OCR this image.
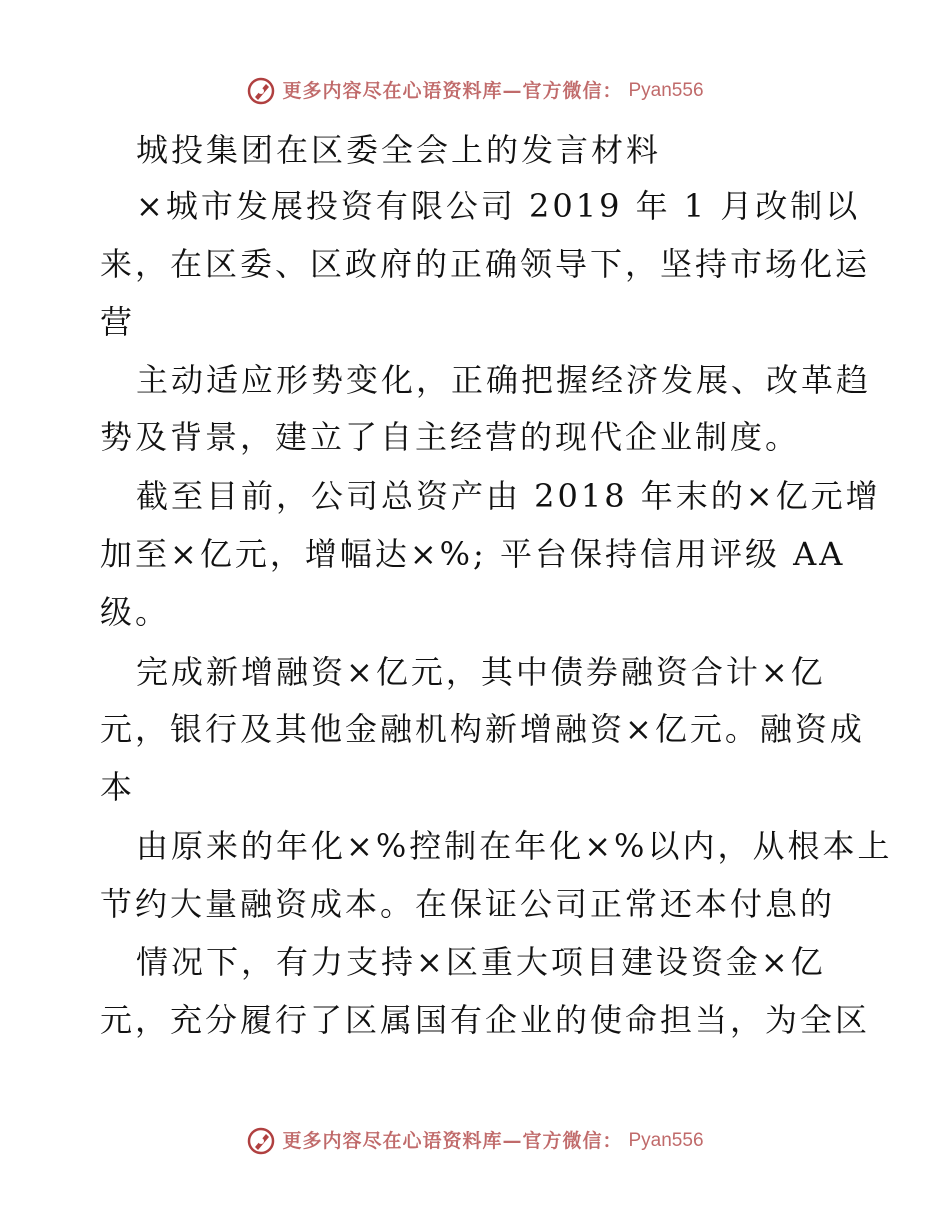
更多内容尽在心语资料库—官方微信： Pyan556
城投集团在区委全会上的发言材料
×城市发展投资有限公司 2019 年 1 月改制以
来，在区委、区政府的正确领导下，坚持市场化运
营
主动适应形势变化，正确把握经济发展、改革趋
势及背景，建立了自主经营的现代企业制度。
截至目前，公司总资产由 2018 年末的×亿元增
加至×亿元，增幅达×%; 平台保持信用评级 AA
级。
完成新增融资×亿元，其中债券融资合计×亿
元，银行及其他金融机构新增融资×亿元。融资成
本
由原来的年化×%控制在年化×%以内，从根本上
节约大量融资成本。在保证公司正常还本付息的
情况下，有力支持×区重大项目建设资金×亿
元，充分履行了区属国有企业的使命担当，为全区
更多内容尽在心语资料库—官方微信： Pyan556
